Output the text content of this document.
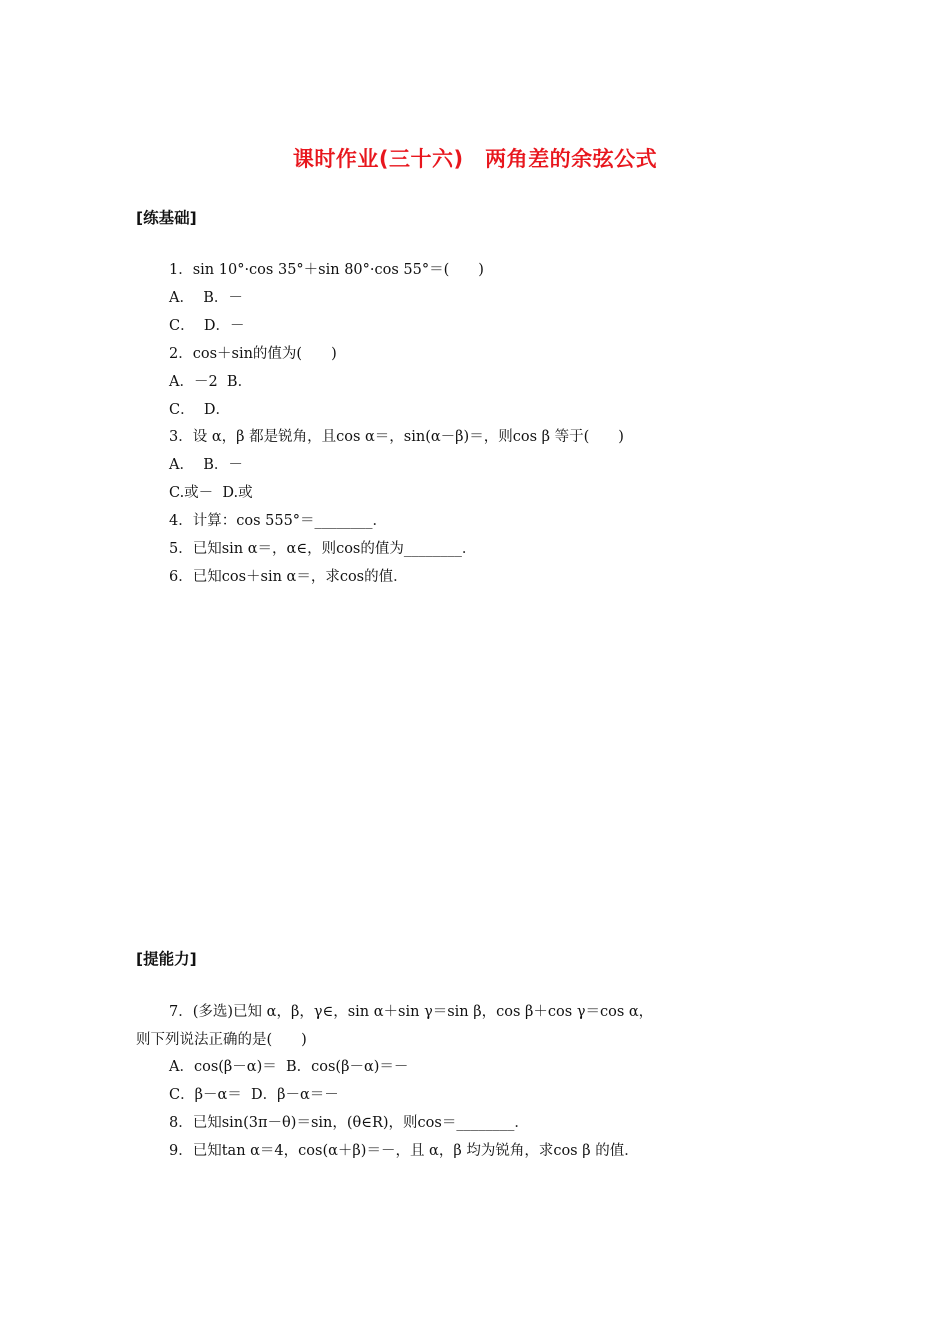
课时作业(三十六)　两角差的余弦公式
[练基础]
1．sin 10°·cos 35°＋sin 80°·cos 55°＝(　　)
A．  B．－
C．  D．－
2．cos＋sin的值为(　　)
A．－2  B．
C．  D．
3．设 α，β 都是锐角，且cos α＝，sin(α－β)＝，则cos β 等于(　　)
A．  B．－
C.或－  D.或
4．计算：cos 555°＝________．
5．已知sin α＝，α∈，则cos的值为________．
6．已知cos＋sin α＝，求cos的值．
[提能力]
7．(多选)已知 α，β，γ∈，sin α＋sin γ＝sin β，cos β＋cos γ＝cos α，
则下列说法正确的是(　　)
A．cos(β－α)＝  B．cos(β－α)＝－
C．β－α＝  D．β－α＝－
8．已知sin(3π－θ)＝sin，(θ∈R)，则cos＝________．
9．已知tan α＝4，cos(α＋β)＝－，且 α，β 均为锐角，求cos β 的值．
